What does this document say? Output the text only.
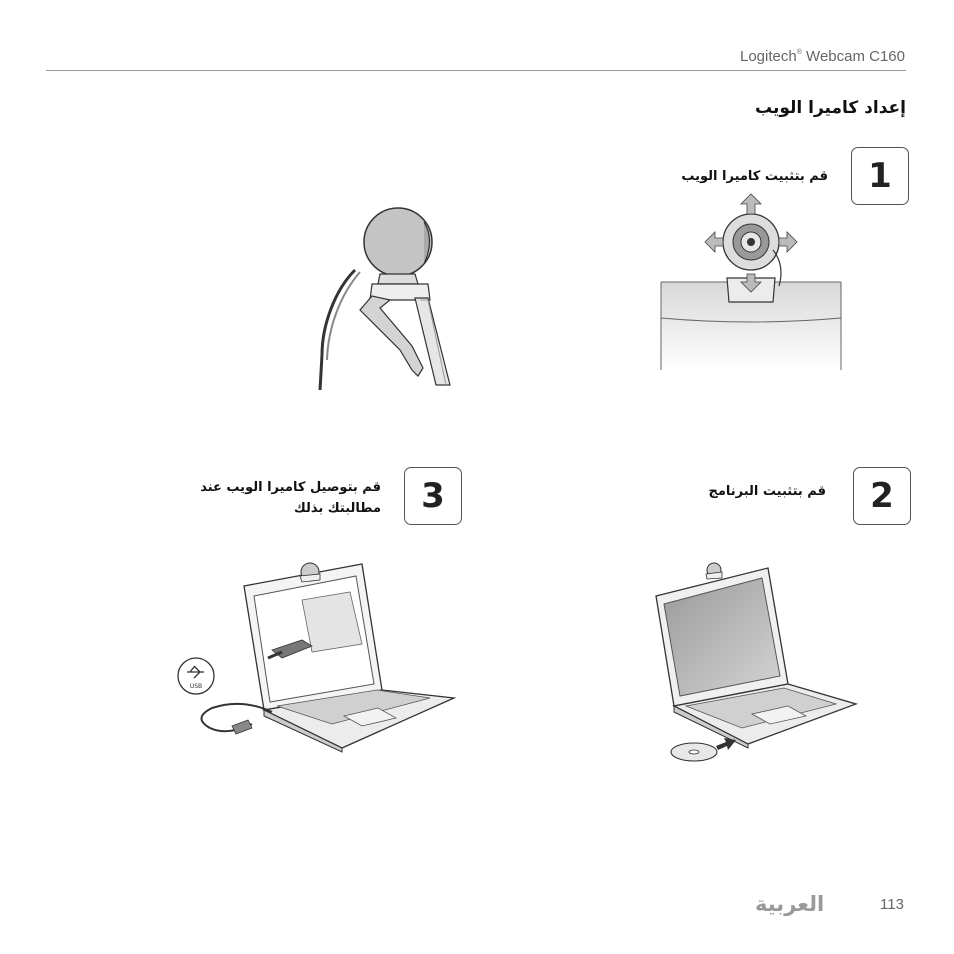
Logitech® Webcam C160
إعداد كاميرا الويب
1
قم بتثبيت كاميرا الويب
2
قم بتثبيت البرنامج
3
قم بتوصيل كاميرا الويب عند
مطالبتك بذلك
USB
العربية	113
